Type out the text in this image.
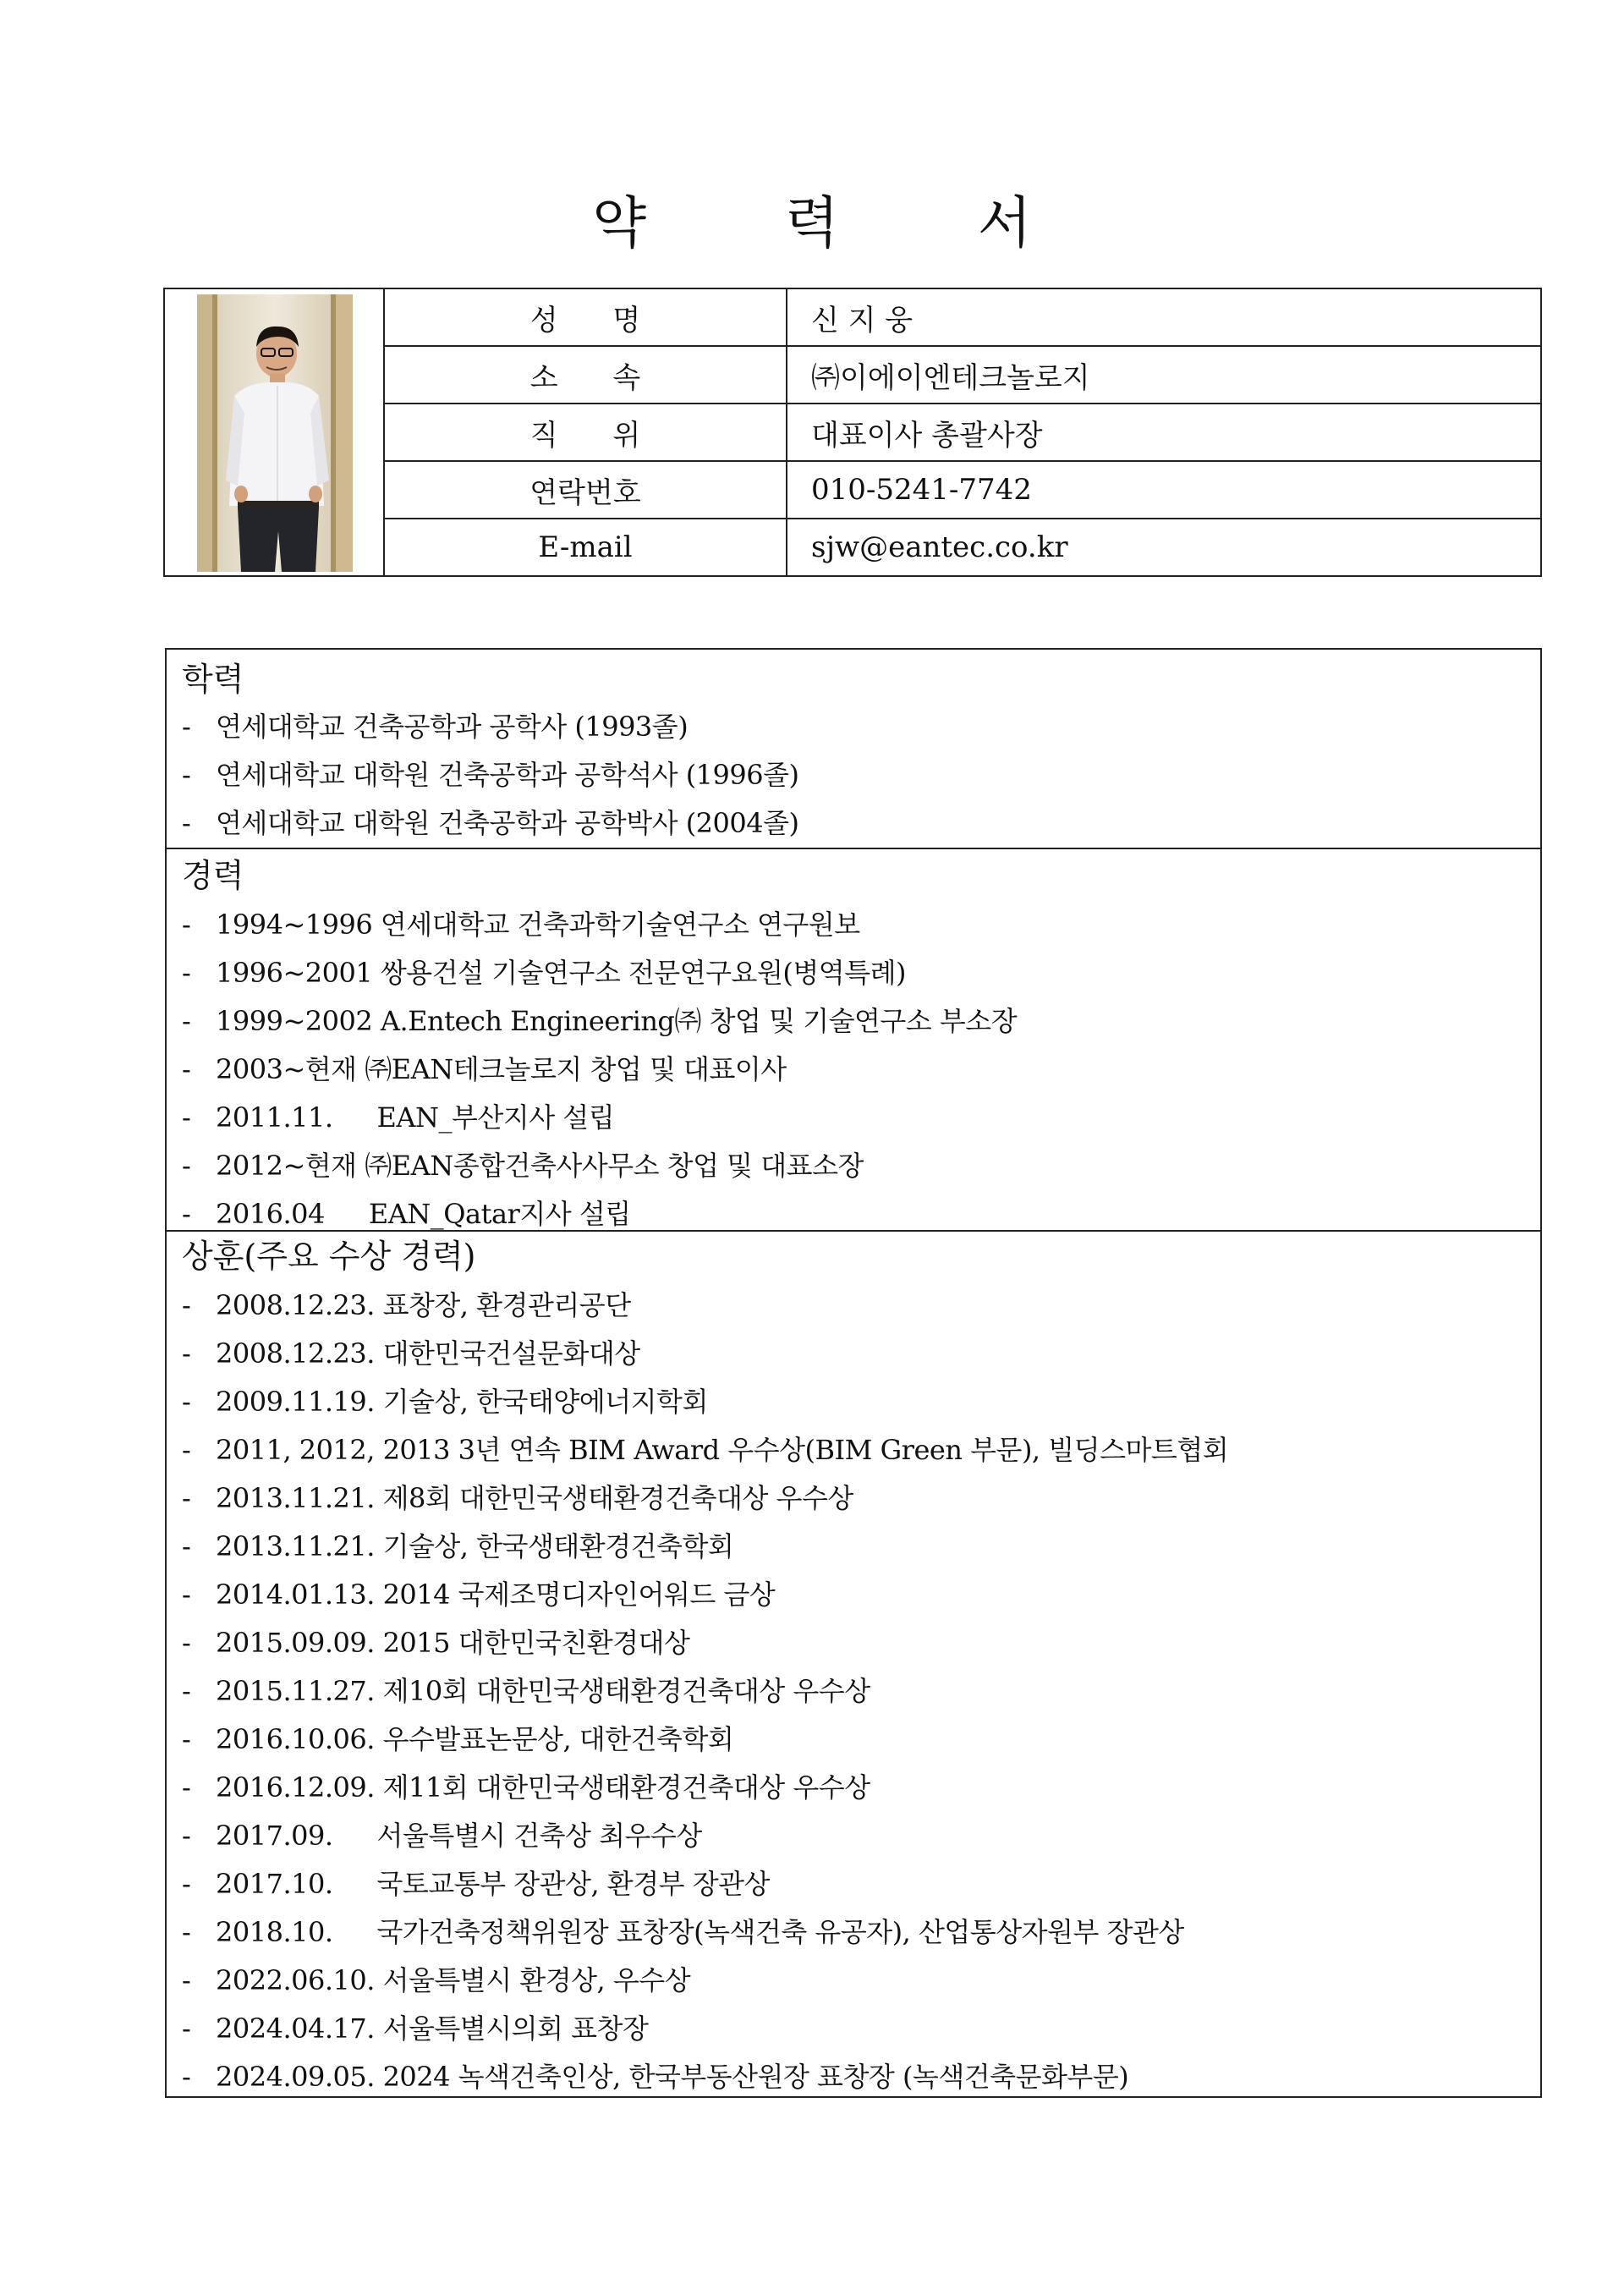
약 력 서
성      명	신 지 웅
소      속	㈜이에이엔테크놀로지
직      위	대표이사 총괄사장
연락번호	010-5241-7742
E-mail	sjw@eantec.co.kr
학력
- 연세대학교 건축공학과 공학사 (1993졸)
- 연세대학교 대학원 건축공학과 공학석사 (1996졸)
- 연세대학교 대학원 건축공학과 공학박사 (2004졸)
경력
- 1994~1996 연세대학교 건축과학기술연구소 연구원보
- 1996~2001 쌍용건설 기술연구소 전문연구요원(병역특례)
- 1999~2002 A.Entech Engineering㈜ 창업 및 기술연구소 부소장
- 2003~현재 ㈜EAN테크놀로지 창업 및 대표이사
- 2011.11. EAN_부산지사 설립
- 2012~현재 ㈜EAN종합건축사사무소 창업 및 대표소장
- 2016.04 EAN_Qatar지사 설립
상훈(주요 수상 경력)
- 2008.12.23. 표창장, 환경관리공단
- 2008.12.23. 대한민국건설문화대상
- 2009.11.19. 기술상, 한국태양에너지학회
- 2011, 2012, 2013 3년 연속 BIM Award 우수상(BIM Green 부문), 빌딩스마트협회
- 2013.11.21. 제8회 대한민국생태환경건축대상 우수상
- 2013.11.21. 기술상, 한국생태환경건축학회
- 2014.01.13. 2014 국제조명디자인어워드 금상
- 2015.09.09. 2015 대한민국친환경대상
- 2015.11.27. 제10회 대한민국생태환경건축대상 우수상
- 2016.10.06. 우수발표논문상, 대한건축학회
- 2016.12.09. 제11회 대한민국생태환경건축대상 우수상
- 2017.09. 서울특별시 건축상 최우수상
- 2017.10. 국토교통부 장관상, 환경부 장관상
- 2018.10. 국가건축정책위원장 표창장(녹색건축 유공자), 산업통상자원부 장관상
- 2022.06.10. 서울특별시 환경상, 우수상
- 2024.04.17. 서울특별시의회 표창장
- 2024.09.05. 2024 녹색건축인상, 한국부동산원장 표창장 (녹색건축문화부문)
